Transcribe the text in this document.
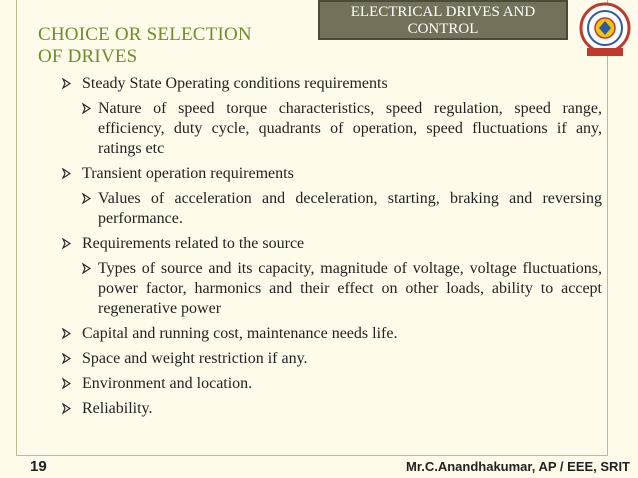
ELECTRICAL DRIVES AND
CONTROL
CHOICE OR SELECTION
OF DRIVES
Steady State Operating conditions requirements
Nature of speed torque characteristics, speed regulation, speed range, efficiency, duty cycle, quadrants of operation, speed fluctuations if any, ratings etc
Transient operation requirements
Values of acceleration and deceleration, starting, braking and reversing performance.
Requirements related to the source
Types of source and its capacity, magnitude of voltage, voltage fluctuations, power factor, harmonics and their effect on other loads, ability to accept regenerative power
Capital and running cost, maintenance needs life.
Space and weight restriction if any.
Environment and location.
Reliability.
19	Mr.C.Anandhakumar, AP / EEE, SRIT
